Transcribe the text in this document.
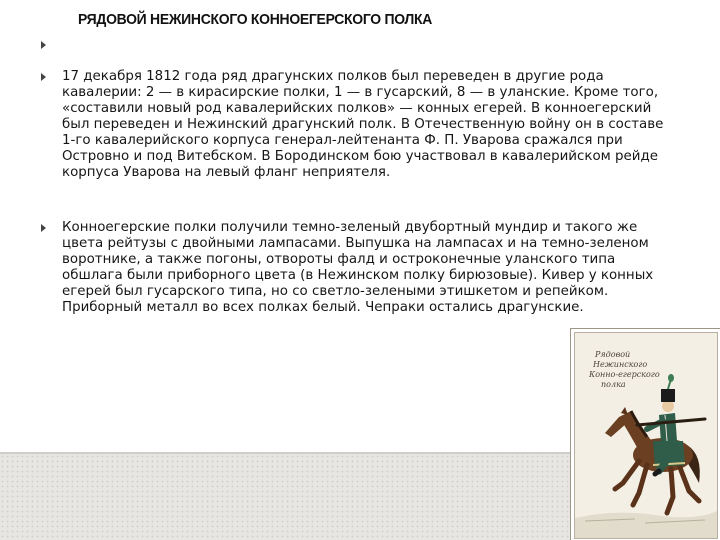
РЯДОВОЙ НЕЖИНСКОГО КОННОЕГЕРСКОГО ПОЛКА

17 декабря 1812 года ряд драгунских полков был переведен в другие рода кавалерии: 2 — в кирасирские полки, 1 — в гусарский, 8 — в уланские. Кроме того, «составили новый род кавалерийских полков» — конных егерей. В конноегерский был переведен и Нежинский драгунский полк. В Отечественную войну он в составе 1-го кавалерийского корпуса генерал-лейтенанта Ф. П. Уварова сражался при Островно и под Витебском. В Бородинском бою участвовал в кавалерийском рейде корпуса Уварова на левый фланг неприятеля.

Конноегерские полки получили темно-зеленый двубортный мундир и такого же цвета рейтузы с двойными лампасами. Выпушка на лампасах и на темно-зеленом воротнике, а также погоны, отвороты фалд и остроконечные уланского типа обшлага были приборного цвета (в Нежинском полку бирюзовые). Кивер у конных егерей был гусарского типа, но со светло-зелеными этишкетом и репейком. Приборный металл во всех полках белый. Чепраки остались драгунские.

Рядовой
Нежинского
Конно-егерского
полка
